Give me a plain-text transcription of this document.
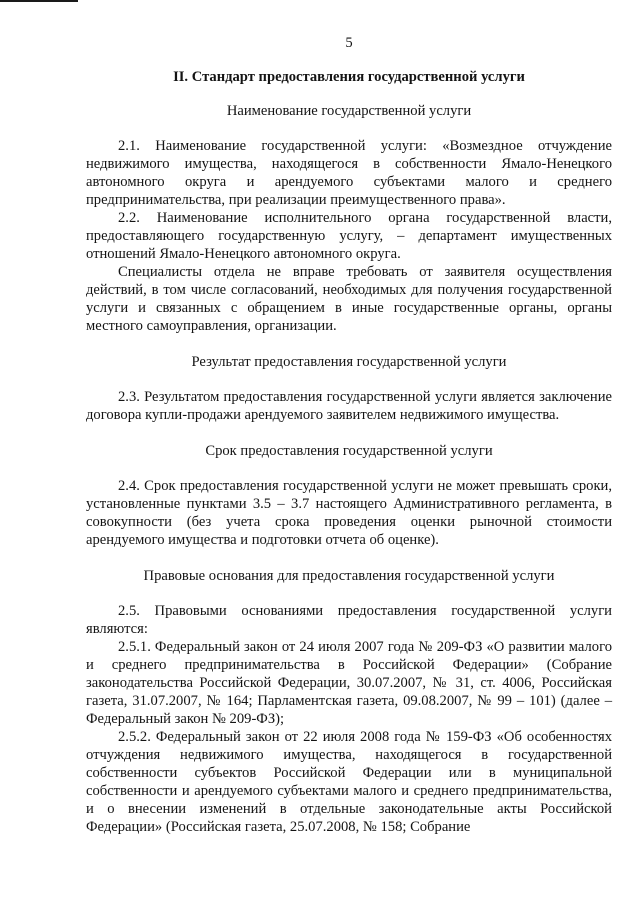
5
II. Стандарт предоставления государственной услуги
Наименование государственной услуги

2.1. Наименование государственной услуги: «Возмездное отчуждение недвижимого имущества, находящегося в собственности Ямало-Ненецкого автономного округа и арендуемого субъектами малого и среднего предпринимательства, при реализации преимущественного права».

2.2. Наименование исполнительного органа государственной власти, предоставляющего государственную услугу, – департамент имущественных отношений Ямало-Ненецкого автономного округа.

Специалисты отдела не вправе требовать от заявителя осуществления действий, в том числе согласований, необходимых для получения государственной услуги и связанных с обращением в иные государственные органы, органы местного самоуправления, организации.

Результат предоставления государственной услуги

2.3. Результатом предоставления государственной услуги является заключение договора купли-продажи арендуемого заявителем недвижимого имущества.

Срок предоставления государственной услуги

2.4. Срок предоставления государственной услуги не может превышать сроки, установленные пунктами 3.5 – 3.7 настоящего Административного регламента, в совокупности (без учета срока проведения оценки рыночной стоимости арендуемого имущества и подготовки отчета об оценке).

Правовые основания для предоставления государственной услуги

2.5. Правовыми основаниями предоставления государственной услуги являются:

2.5.1. Федеральный закон от 24 июля 2007 года № 209-ФЗ «О развитии малого и среднего предпринимательства в Российской Федерации» (Собрание законодательства Российской Федерации, 30.07.2007, № 31, ст. 4006, Российская газета, 31.07.2007, № 164; Парламентская газета, 09.08.2007, № 99 – 101) (далее – Федеральный закон № 209-ФЗ);

2.5.2. Федеральный закон от 22 июля 2008 года № 159-ФЗ «Об особенностях отчуждения недвижимого имущества, находящегося в государственной собственности субъектов Российской Федерации или в муниципальной собственности и арендуемого субъектами малого и среднего предпринимательства, и о внесении изменений в отдельные законодательные акты Российской Федерации» (Российская газета, 25.07.2008, № 158; Собрание
